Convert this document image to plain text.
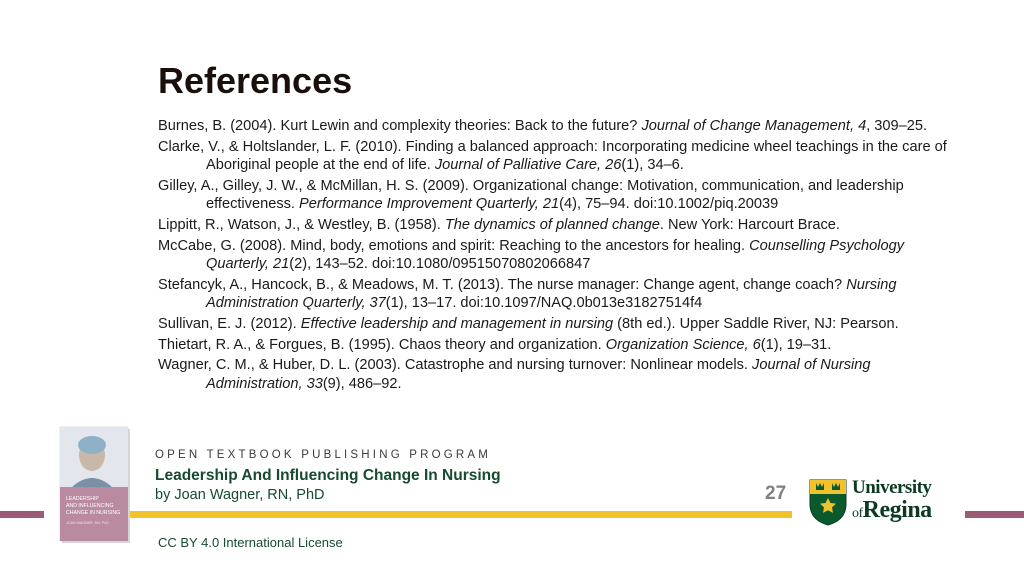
References
Burnes, B. (2004). Kurt Lewin and complexity theories: Back to the future? Journal of Change Management, 4, 309–25.
Clarke, V., & Holtslander, L. F. (2010). Finding a balanced approach: Incorporating medicine wheel teachings in the care of Aboriginal people at the end of life. Journal of Palliative Care, 26(1), 34–6.
Gilley, A., Gilley, J. W., & McMillan, H. S. (2009). Organizational change: Motivation, communication, and leadership effectiveness. Performance Improvement Quarterly, 21(4), 75–94. doi:10.1002/piq.20039
Lippitt, R., Watson, J., & Westley, B. (1958). The dynamics of planned change. New York: Harcourt Brace.
McCabe, G. (2008). Mind, body, emotions and spirit: Reaching to the ancestors for healing. Counselling Psychology Quarterly, 21(2), 143–52. doi:10.1080/09515070802066847
Stefancyk, A., Hancock, B., & Meadows, M. T. (2013). The nurse manager: Change agent, change coach? Nursing Administration Quarterly, 37(1), 13–17. doi:10.1097/NAQ.0b013e31827514f4
Sullivan, E. J. (2012). Effective leadership and management in nursing (8th ed.). Upper Saddle River, NJ: Pearson.
Thietart, R. A., & Forgues, B. (1995). Chaos theory and organization. Organization Science, 6(1), 19–31.
Wagner, C. M., & Huber, D. L. (2003). Catastrophe and nursing turnover: Nonlinear models. Journal of Nursing Administration, 33(9), 486–92.
LEADERSHIP
AND INFLUENCING
CHANGE IN NURSING
JOAN WAGNER, RN, PhD
OPEN TEXTBOOK PUBLISHING PROGRAM
Leadership And Influencing Change In Nursing
by Joan Wagner, RN, PhD	27
CC BY 4.0 International License
University
ofRegina
